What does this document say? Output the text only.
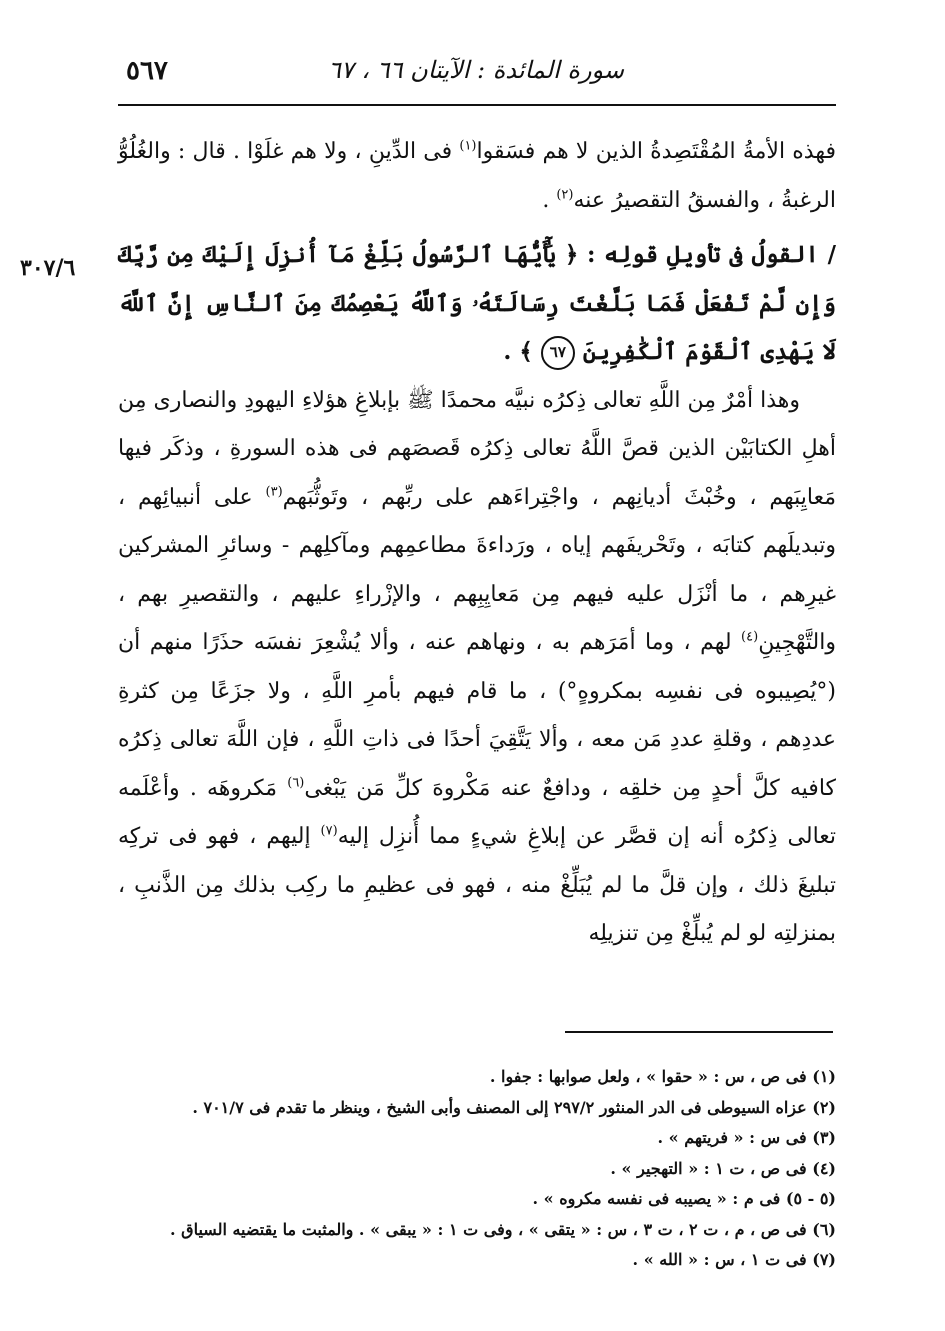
سورة المائدة : الآيتان ٦٦ ، ٦٧
٥٦٧
٣٠٧/٦

فهذه الأمةُ المُقْتَصِدةُ الذين لا هم فسَقوا$^{(١)}$ فى الدِّينِ ، ولا هم غلَوْا . قال : والغُلُوُّ الرغبةُ ، والفسقُ التقصيرُ عنه$^{(٢)}$ .

/ القولُ فى تأويلِ قولِه : ﴿ يَٰٓأَيُّهَا ٱلرَّسُولُ بَلِّغْ مَآ أُنزِلَ إِلَيْكَ مِن رَّبِّكَ وَإِن لَّمْ تَفْعَلْ فَمَا بَلَّغْتَ رِسَالَتَهُۥ وَٱللَّهُ يَعْصِمُكَ مِنَ ٱلنَّاسِ إِنَّ ٱللَّهَ لَا يَهْدِى ٱلْقَوْمَ ٱلْكَٰفِرِينَ ٦٧ ﴾ .

وهذا أمْرٌ مِن اللَّهِ تعالى ذِكرُه نبيَّه محمدًا ﷺ بإبلاغِ هؤلاءِ اليهودِ والنصارى مِن أهلِ الكتابَيْن الذين قصَّ اللَّهُ تعالى ذِكرُه قَصصَهم فى هذه السورةِ ، وذكَر فيها مَعايِبَهم ، وخُبْثَ أديانِهم ، واجْتِراءَهم على ربِّهم ، وتَوثُّبَهم$^{(٣)}$ على أنبيائِهم ، وتبديلَهم كتابَه ، وتَحْريفَهم إياه ، ورَداءةَ مطاعمِهم ومآكلِهم - وسائرِ المشركين غيرِهم ، ما أنْزَل عليه فيهم مِن مَعايِبِهم ، والإزْراءِ عليهم ، والتقصيرِ بهم ، والتَّهْجِينِ$^{(٤)}$ لهم ، وما أمَرَهم به ، ونهاهم عنه ، وألا يُشْعِرَ نفسَه حذَرًا منهم أن (°يُصِيبوه فى نفسِه بمكروهٍ°) ، ما قام فيهم بأمرِ اللَّهِ ، ولا جزَعًا مِن كثرةِ عددِهم ، وقلةِ عددِ مَن معه ، وألا يَتَّقِيَ أحدًا فى ذاتِ اللَّهِ ، فإن اللَّهَ تعالى ذِكرُه كافيه كلَّ أحدٍ مِن خلقِه ، ودافعٌ عنه مَكْروهَ كلِّ مَن يَبْغى$^{(٦)}$ مَكروهَه . وأعْلَمه تعالى ذِكرُه أنه إن قصَّر عن إبلاغِ شيءٍ مما أُنزِل إليه$^{(٧)}$ إليهم ، فهو فى تركِه تبليغَ ذلك ، وإن قلَّ ما لم يُبَلِّغْ منه ، فهو فى عظيمِ ما ركِب بذلك مِن الذَّنبِ ، بمنزلتِه لو لم يُبلِّغْ مِن تنزيلِه

(١) فى ص ، س : « حقوا » ، ولعل صوابها : جفوا .

(٢) عزاه السيوطى فى الدر المنثور ٢٩٧/٢ إلى المصنف وأبى الشيخ ، وينظر ما تقدم فى ٧٠١/٧ .

(٣) فى س : « فريتهم » .

(٤) فى ص ، ت ١ : « التهجير » .

(٥ - ٥) فى م : « يصيبه فى نفسه مكروه » .

(٦) فى ص ، م ، ت ٢ ، ت ٣ ، س : « يتقى » ، وفى ت ١ : « يبقى » . والمثبت ما يقتضيه السياق .

(٧) فى ت ١ ، س : « الله » .
